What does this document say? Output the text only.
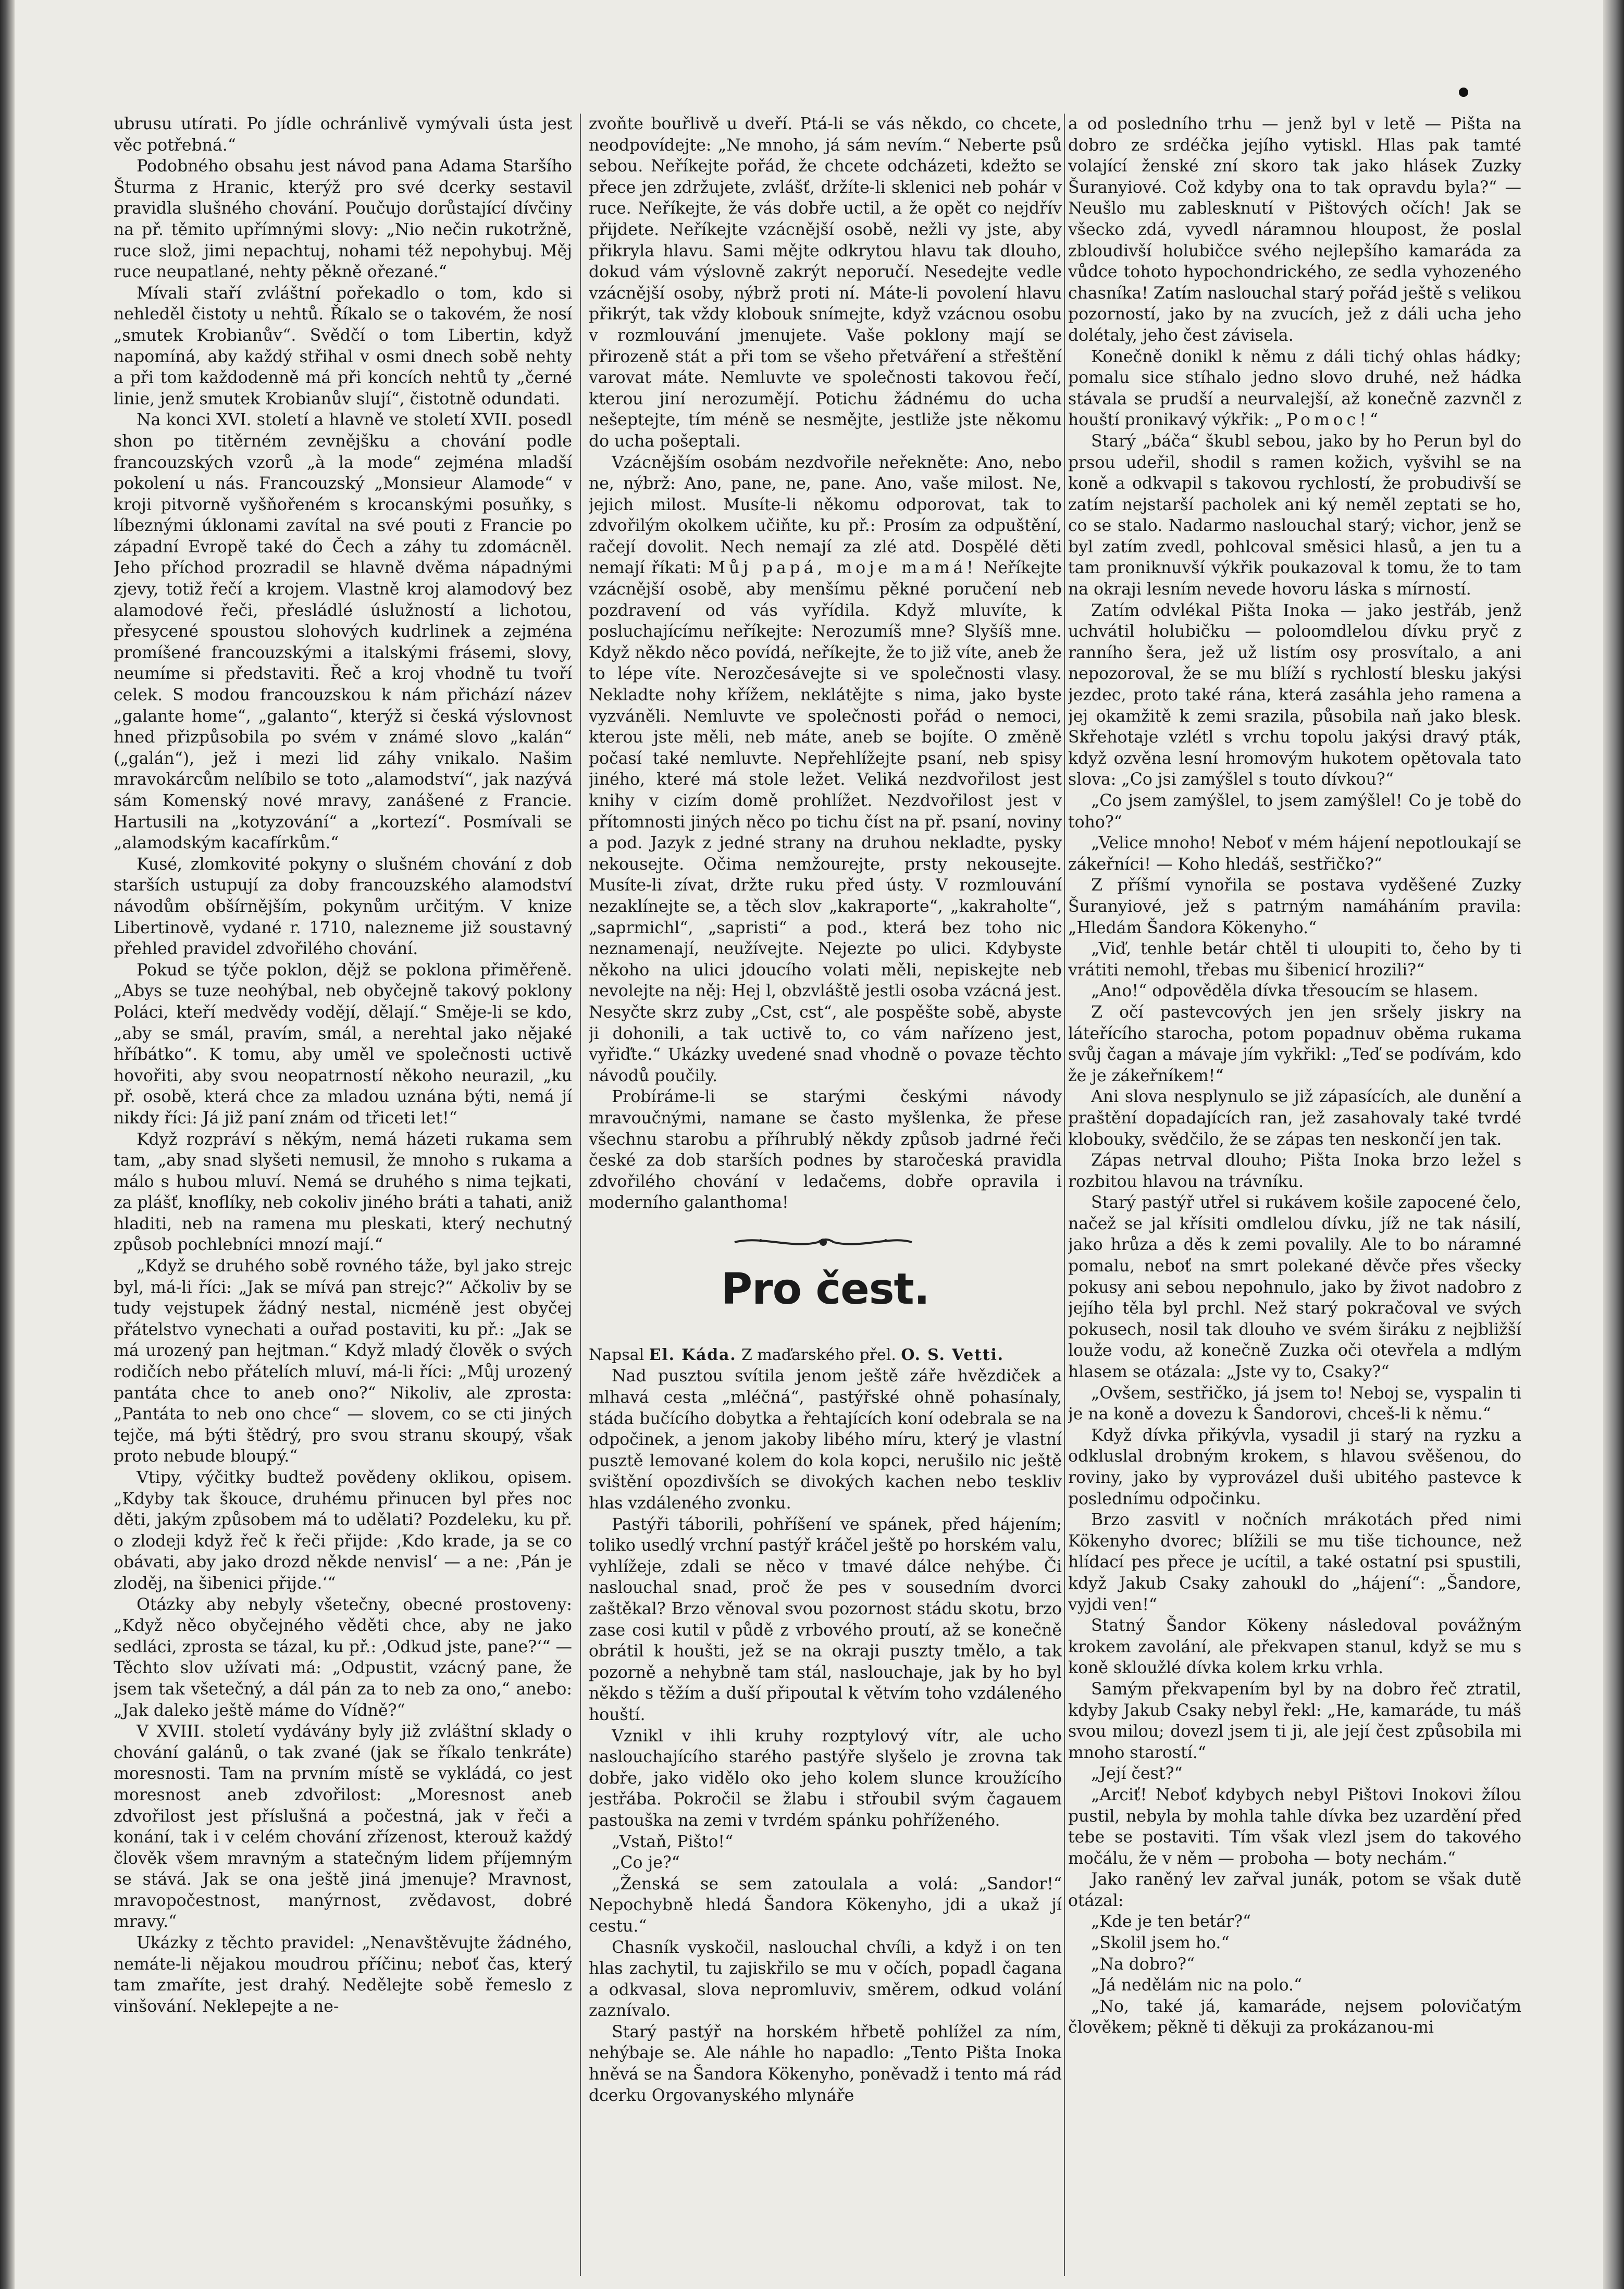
ubrusu utírati. Po jídle ochránlivě vymývali ústa jest věc potřebná.“

Podobného obsahu jest návod pana Adama Staršího Šturma z Hranic, kterýž pro své dcerky sestavil pravidla slušného chování. Poučujo dorůstající dívčiny na př. těmito upřímnými slovy: „Nio nečin rukotržně, ruce slož, jimi nepachtuj, nohami též nepohybuj. Měj ruce neupatlané, nehty pěkně ořezané.“

Mívali staří zvláštní pořekadlo o tom, kdo si nehleděl čistoty u nehtů. Říkalo se o takovém, že nosí „smutek Krobianův“. Svědčí o tom Libertin, když napomíná, aby každý střihal v osmi dnech sobě nehty a při tom každodenně má při koncích nehtů ty „černé linie, jenž smutek Krobianův slují“, čistotně odundati.

Na konci XVI. století a hlavně ve století XVII. posedl shon po titěrném zevnějšku a chování podle francouzských vzorů „à la mode“ zejména mladší pokolení u nás. Francouzský „Monsieur Alamode“ v kroji pitvorně vyšňořeném s krocanskými posuňky, s líbeznými úklonami zavítal na své pouti z Francie po západní Evropě také do Čech a záhy tu zdomácněl. Jeho příchod prozradil se hlavně dvěma nápadnými zjevy, totiž řečí a krojem. Vlastně kroj alamodový bez alamodové řeči, přesládlé úslužností a lichotou, přesycené spoustou slohových kudrlinek a zejména promíšené francouzskými a italskými frásemi, slovy, neumíme si představiti. Řeč a kroj vhodně tu tvoří celek. S modou francouzskou k nám přichází název „galante home“, „galanto“, kterýž si česká výslovnost hned přizpůsobila po svém v známé slovo „kalán“ („galán“), jež i mezi lid záhy vnikalo. Našim mravokárcům nelíbilo se toto „alamodství“, jak nazývá sám Komenský nové mravy, zanášené z Francie. Hartusili na „kotyzování“ a „kortezí“. Posmívali se „alamodským kacafírkům.“

Kusé, zlomkovité pokyny o slušném chování z dob starších ustupují za doby francouzského alamodství návodům obšírnějším, pokynům určitým. V knize Libertinově, vydané r. 1710, nalezneme již soustavný přehled pravidel zdvořilého chování.

Pokud se týče poklon, dějž se poklona přiměřeně. „Abys se tuze neohýbal, neb obyčejně takový poklony Poláci, kteří medvědy vodějí, dělají.“ Směje-li se kdo, „aby se smál, pravím, smál, a nerehtal jako nějaké hříbátko“. K tomu, aby uměl ve společnosti uctivě hovořiti, aby svou neopatrností někoho neurazil, „ku př. osobě, která chce za mladou uznána býti, nemá jí nikdy říci: Já již paní znám od třiceti let!“

Když rozpráví s někým, nemá házeti rukama sem tam, „aby snad slyšeti nemusil, že mnoho s rukama a málo s hubou mluví. Nemá se druhého s nima tejkati, za plášť, knoflíky, neb cokoliv jiného bráti a tahati, aniž hladiti, neb na ramena mu pleskati, který nechutný způsob pochlebníci mnozí mají.“

„Když se druhého sobě rovného táže, byl jako strejc byl, má-li říci: „Jak se mívá pan strejc?“ Ačkoliv by se tudy vejstupek žádný nestal, nicméně jest obyčej přátelstvo vynechati a ouřad postaviti, ku př.: „Jak se má urozený pan hejtman.“ Když mladý člověk o svých rodičích nebo přátelích mluví, má-li říci: „Můj urozený pantáta chce to aneb ono?“ Nikoliv, ale zprosta: „Pantáta to neb ono chce“ — slovem, co se cti jiných tejče, má býti štědrý, pro svou stranu skoupý, však proto nebude bloupý.“

Vtipy, výčitky budtež povědeny oklikou, opisem. „Kdyby tak škouce, druhému přinucen byl přes noc děti, jakým způsobem má to udělati? Pozdeleku, ku př. o zlodeji když řeč k řeči přijde: ‚Kdo krade, ja se co obávati, aby jako drozd někde nenvisl‘ — a ne: ‚Pán je zloděj, na šibenici přijde.‘“

Otázky aby nebyly všetečny, obecné prostoveny: „Když něco obyčejného věděti chce, aby ne jako sedláci, zprosta se tázal, ku př.: ‚Odkud jste, pane?‘“ — Těchto slov užívati má: „Odpustit, vzácný pane, že jsem tak všetečný, a dál pán za to neb za ono,“ anebo: „Jak daleko ještě máme do Vídně?“

V XVIII. století vydávány byly již zvláštní sklady o chování galánů, o tak zvané (jak se říkalo tenkráte) moresnosti. Tam na prvním místě se vykládá, co jest moresnost aneb zdvořilost: „Moresnost aneb zdvořilost jest příslušná a počestná, jak v řeči a konání, tak i v celém chování zřízenost, kterouž každý člověk všem mravným a statečným lidem příjemným se stává. Jak se ona ještě jiná jmenuje? Mravnost, mravopočestnost, manýrnost, zvědavost, dobré mravy.“

Ukázky z těchto pravidel: „Nenavštěvujte žádného, nemáte-li nějakou moudrou příčinu; neboť čas, který tam zmaříte, jest drahý. Nedělejte sobě řemeslo z vinšování. Neklepejte a ne-

zvoňte bouřlivě u dveří. Ptá-li se vás někdo, co chcete, neodpovídejte: „Ne mnoho, já sám nevím.“ Neberte psů sebou. Neříkejte pořád, že chcete odcházeti, kdežto se přece jen zdržujete, zvlášť, držíte-li sklenici neb pohár v ruce. Neříkejte, že vás dobře uctil, a že opět co nejdřív přijdete. Neříkejte vzácnější osobě, nežli vy jste, aby přikryla hlavu. Sami mějte odkrytou hlavu tak dlouho, dokud vám výslovně zakrýt neporučí. Nesedejte vedle vzácnější osoby, nýbrž proti ní. Máte-li povolení hlavu přikrýt, tak vždy klobouk snímejte, když vzácnou osobu v rozmlouvání jmenujete. Vaše poklony mají se přirozeně stát a při tom se všeho přetváření a střeštění varovat máte. Nemluvte ve společnosti takovou řečí, kterou jiní nerozumějí. Potichu žádnému do ucha nešeptejte, tím méně se nesmějte, jestliže jste někomu do ucha pošeptali.

Vzácnějším osobám nezdvořile neřekněte: Ano, nebo ne, nýbrž: Ano, pane, ne, pane. Ano, vaše milost. Ne, jejich milost. Musíte-li někomu odporovat, tak to zdvořilým okolkem učiňte, ku př.: Prosím za odpuštění, račejí dovolit. Nech nemají za zlé atd. Dospělé děti nemají říkati: Můj papá, moje mamá! Neříkejte vzácnější osobě, aby menšímu pěkné poručení neb pozdravení od vás vyřídila. Když mluvíte, k posluchajícímu neříkejte: Nerozumíš mne? Slyšíš mne. Když někdo něco povídá, neříkejte, že to již víte, aneb že to lépe víte. Nerozčesávejte si ve společnosti vlasy. Nekladte nohy křížem, neklátějte s nima, jako byste vyzváněli. Nemluvte ve společnosti pořád o nemoci, kterou jste měli, neb máte, aneb se bojíte. O změně počasí také nemluvte. Nepřehlížejte psaní, neb spisy jiného, které má stole ležet. Veliká nezdvořilost jest knihy v cizím domě prohlížet. Nezdvořilost jest v přítomnosti jiných něco po tichu číst na př. psaní, noviny a pod. Jazyk z jedné strany na druhou nekladte, pysky nekousejte. Očima nemžourejte, prsty nekousejte. Musíte-li zívat, držte ruku před ústy. V rozmlouvání nezaklínejte se, a těch slov „kakraporte“, „kakraholte“, „saprmichl“, „sapristi“ a pod., která bez toho nic neznamenají, neužívejte. Nejezte po ulici. Kdybyste někoho na ulici jdoucího volati měli, nepiskejte neb nevolejte na něj: Hej l, obzvláště jestli osoba vzácná jest. Nesyčte skrz zuby „Cst, cst“, ale pospěšte sobě, abyste ji dohonili, a tak uctivě to, co vám nařízeno jest, vyřiďte.“ Ukázky uvedené snad vhodně o povaze těchto návodů poučily.

Probíráme-li se starými českými návody mravoučnými, namane se často myšlenka, že přese všechnu starobu a příhrublý někdy způsob jadrné řeči české za dob starších podnes by staročeská pravidla zdvořilého chování v ledačems, dobře opravila i moderního galanthoma!

Pro čest.

Napsal El. Káda. Z maďarského přel. O. S. Vetti.

Nad pusztou svítila jenom ještě záře hvězdiček a mlhavá cesta „mléčná“, pastýřské ohně pohasínaly, stáda bučícího dobytka a řehtajících koní odebrala se na odpočinek, a jenom jakoby libého míru, který je vlastní pusztě lemované kolem do kola kopci, nerušilo nic ještě svištění opozdivších se divokých kachen nebo teskliv hlas vzdáleného zvonku.

Pastýři táborili, pohříšení ve spánek, před hájením; toliko usedlý vrchní pastýř kráčel ještě po horském valu, vyhlížeje, zdali se něco v tmavé dálce nehýbe. Či naslouchal snad, proč že pes v sousedním dvorci zaštěkal? Brzo věnoval svou pozornost stádu skotu, brzo zase cosi kutil v půdě z vrbového proutí, až se konečně obrátil k houšti, jež se na okraji puszty tmělo, a tak pozorně a nehybně tam stál, naslouchaje, jak by ho byl někdo s těžím a duší připoutal k větvím toho vzdáleného houští.

Vznikl v ihli kruhy rozptylový vítr, ale ucho naslouchajícího starého pastýře slyšelo je zrovna tak dobře, jako vidělo oko jeho kolem slunce kroužícího jestřába. Pokročil se žlabu i střoubil svým čagauem pastouška na zemi v tvrdém spánku pohříženého.

„Vstaň, Pišto!“

„Co je?“

„Ženská se sem zatoulala a volá: „Sandor!“ Nepochybně hledá Šandora Kökenyho, jdi a ukaž jí cestu.“

Chasník vyskočil, naslouchal chvíli, a když i on ten hlas zachytil, tu zajiskřilo se mu v očích, popadl čagana a odkvasal, slova nepromluviv, směrem, odkud volání zaznívalo.

Starý pastýř na horském hřbetě pohlížel za ním, nehýbaje se. Ale náhle ho napadlo: „Tento Pišta Inoka hněvá se na Šandora Kökenyho, poněvadž i tento má rád dcerku Orgovanyského mlynáře

a od posledního trhu — jenž byl v letě — Pišta na dobro ze srdéčka jejího vytiskl. Hlas pak tamté volající ženské zní skoro tak jako hlásek Zuzky Šuranyiové. Což kdyby ona to tak opravdu byla?“ — Neušlo mu zablesknutí v Pištových očích! Jak se všecko zdá, vyvedl náramnou hloupost, že poslal zbloudivší holubičce svého nejlepšího kamaráda za vůdce tohoto hypochondrického, ze sedla vyhozeného chasníka! Zatím naslouchal starý pořád ještě s velikou pozorností, jako by na zvucích, jež z dáli ucha jeho dolétaly, jeho čest závisela.

Konečně donikl k němu z dáli tichý ohlas hádky; pomalu sice stíhalo jedno slovo druhé, než hádka stávala se prudší a neurvalejší, až konečně zazvnčl z houští pronikavý výkřik: „Pomoc!“

Starý „báča“ škubl sebou, jako by ho Perun byl do prsou udeřil, shodil s ramen kožich, vyšvihl se na koně a odkvapil s takovou rychlostí, že probudivší se zatím nejstarší pacholek ani ký neměl zeptati se ho, co se stalo. Nadarmo naslouchal starý; vichor, jenž se byl zatím zvedl, pohlcoval směsici hlasů, a jen tu a tam proniknuvší výkřik poukazoval k tomu, že to tam na okraji lesním nevede hovoru láska s mírností.

Zatím odvlékal Pišta Inoka — jako jestřáb, jenž uchvátil holubičku — poloomdlelou dívku pryč z ranního šera, jež už listím osy prosvítalo, a ani nepozoroval, že se mu blíží s rychlostí blesku jakýsi jezdec, proto také rána, která zasáhla jeho ramena a jej okamžitě k zemi srazila, působila naň jako blesk. Skřehotaje vzlétl s vrchu topolu jakýsi dravý pták, když ozvěna lesní hromovým hukotem opětovala tato slova: „Co jsi zamýšlel s touto dívkou?“

„Co jsem zamýšlel, to jsem zamýšlel! Co je tobě do toho?“

„Velice mnoho! Neboť v mém hájení nepotloukají se zákeřníci! — Koho hledáš, sestřičko?“

Z příšmí vynořila se postava vyděšené Zuzky Šuranyiové, jež s patrným namáháním pravila: „Hledám Šandora Kökenyho.“

„Viď, tenhle betár chtěl ti uloupiti to, čeho by ti vrátiti nemohl, třebas mu šibenicí hrozili?“

„Ano!“ odpověděla dívka třesoucím se hlasem.

Z očí pastevcových jen jen sršely jiskry na láteřícího starocha, potom popadnuv oběma rukama svůj čagan a mávaje jím vykřikl: „Teď se podívám, kdo že je zákeřníkem!“

Ani slova nesplynulo se již zápasících, ale dunění a praštění dopadajících ran, jež zasahovaly také tvrdé klobouky, svědčilo, že se zápas ten neskončí jen tak.

Zápas netrval dlouho; Pišta Inoka brzo ležel s rozbitou hlavou na trávníku.

Starý pastýř utřel si rukávem košile zapocené čelo, načež se jal křísiti omdlelou dívku, jíž ne tak násilí, jako hrůza a děs k zemi povalily. Ale to bo náramné pomalu, neboť na smrt polekané děvče přes všecky pokusy ani sebou nepohnulo, jako by život nadobro z jejího těla byl prchl. Než starý pokračoval ve svých pokusech, nosil tak dlouho ve svém širáku z nejbližší louže vodu, až konečně Zuzka oči otevřela a mdlým hlasem se otázala: „Jste vy to, Csaky?“

„Ovšem, sestřičko, já jsem to! Neboj se, vyspalin ti je na koně a dovezu k Šandorovi, chceš-li k němu.“

Když dívka přikývla, vysadil ji starý na ryzku a odkluslal drobným krokem, s hlavou svěšenou, do roviny, jako by vyprovázel duši ubitého pastevce k poslednímu odpočinku.

Brzo zasvitl v nočních mrákotách před nimi Kökenyho dvorec; blížili se mu tiše tichounce, než hlídací pes přece je ucítil, a také ostatní psi spustili, když Jakub Csaky zahoukl do „hájení“: „Šandore, vyjdi ven!“

Statný Šandor Kökeny následoval povážným krokem zavolání, ale překvapen stanul, když se mu s koně skloužlé dívka kolem krku vrhla.

Samým překvapením byl by na dobro řeč ztratil, kdyby Jakub Csaky nebyl řekl: „He, kamaráde, tu máš svou milou; dovezl jsem ti ji, ale její čest způsobila mi mnoho starostí.“

„Její čest?“

„Arciť! Neboť kdybych nebyl Pištovi Inokovi žílou pustil, nebyla by mohla tahle dívka bez uzardění před tebe se postaviti. Tím však vlezl jsem do takového močálu, že v něm — proboha — boty nechám.“

Jako raněný lev zařval junák, potom se však dutě otázal:

„Kde je ten betár?“

„Skolil jsem ho.“

„Na dobro?“

„Já nedělám nic na polo.“

„No, také já, kamaráde, nejsem polovičatým člověkem; pěkně ti děkuji za prokázanou-mi
